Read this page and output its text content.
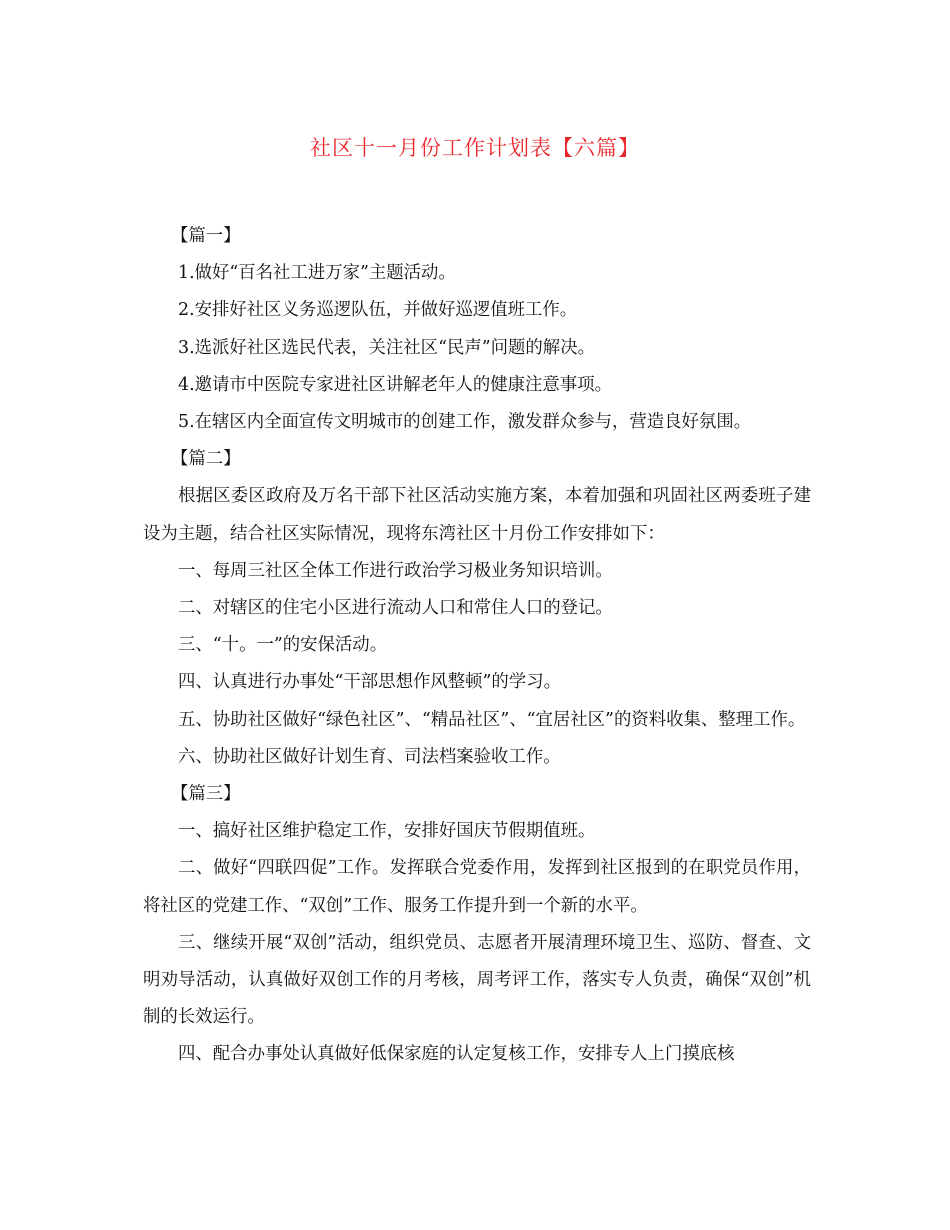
社区十一月份工作计划表【六篇】

【篇一】

1.做好“百名社工进万家”主题活动。

2.安排好社区义务巡逻队伍，并做好巡逻值班工作。

3.选派好社区选民代表，关注社区“民声”问题的解决。

4.邀请市中医院专家进社区讲解老年人的健康注意事项。

5.在辖区内全面宣传文明城市的创建工作，激发群众参与，营造良好氛围。

【篇二】

根据区委区政府及万名干部下社区活动实施方案，本着加强和巩固社区两委班子建设为主题，结合社区实际情况，现将东湾社区十月份工作安排如下：

一、每周三社区全体工作进行政治学习极业务知识培训。

二、对辖区的住宅小区进行流动人口和常住人口的登记。

三、“十。一”的安保活动。

四、认真进行办事处“干部思想作风整顿”的学习。

五、协助社区做好“绿色社区”、“精品社区”、“宜居社区”的资料收集、整理工作。

六、协助社区做好计划生育、司法档案验收工作。

【篇三】

一、搞好社区维护稳定工作，安排好国庆节假期值班。

二、做好“四联四促”工作。发挥联合党委作用，发挥到社区报到的在职党员作用，将社区的党建工作、“双创”工作、服务工作提升到一个新的水平。

三、继续开展“双创”活动，组织党员、志愿者开展清理环境卫生、巡防、督查、文明劝导活动，认真做好双创工作的月考核，周考评工作，落实专人负责，确保“双创”机制的长效运行。

四、配合办事处认真做好低保家庭的认定复核工作，安排专人上门摸底核
